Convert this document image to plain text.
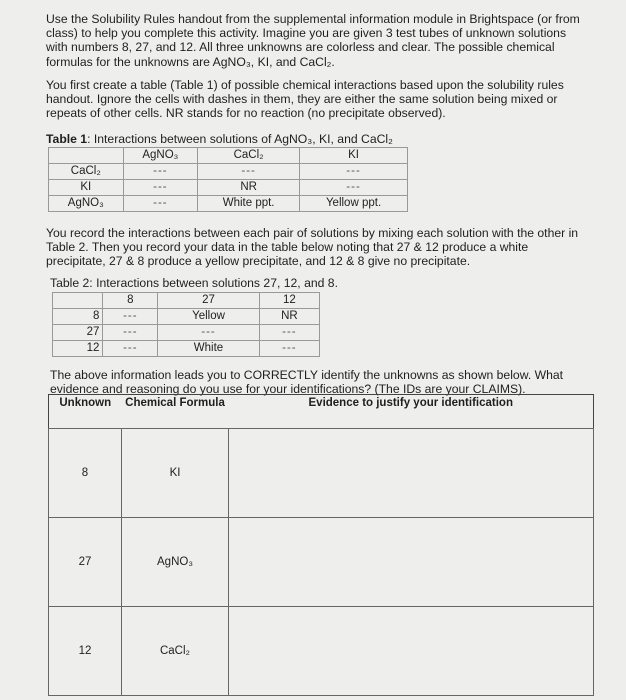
Use the Solubility Rules handout from the supplemental information module in Brightspace (or from class) to help you complete this activity. Imagine you are given 3 test tubes of unknown solutions with numbers 8, 27, and 12. All three unknowns are colorless and clear. The possible chemical formulas for the unknowns are AgNO₃, KI, and CaCl₂.

You first create a table (Table 1) of possible chemical interactions based upon the solubility rules handout. Ignore the cells with dashes in them, they are either the same solution being mixed or repeats of other cells. NR stands for no reaction (no precipitate observed).

Table 1: Interactions between solutions of AgNO₃, KI, and CaCl₂
	AgNO₃	CaCl₂	KI
CaCl₂	---	---	---
KI	---	NR	---
AgNO₃	---	White ppt.	Yellow ppt.

You record the interactions between each pair of solutions by mixing each solution with the other in Table 2. Then you record your data in the table below noting that 27 & 12 produce a white precipitate, 27 & 8 produce a yellow precipitate, and 12 & 8 give no precipitate.

Table 2: Interactions between solutions 27, 12, and 8.
	8	27	12
8	---	Yellow	NR
27	---	---	---
12	---	White	---

The above information leads you to CORRECTLY identify the unknowns as shown below. What evidence and reasoning do you use for your identifications? (The IDs are your CLAIMS).

Unknown	Chemical Formula	Evidence to justify your identification
8	KI	
27	AgNO₃	
12	CaCl₂	
